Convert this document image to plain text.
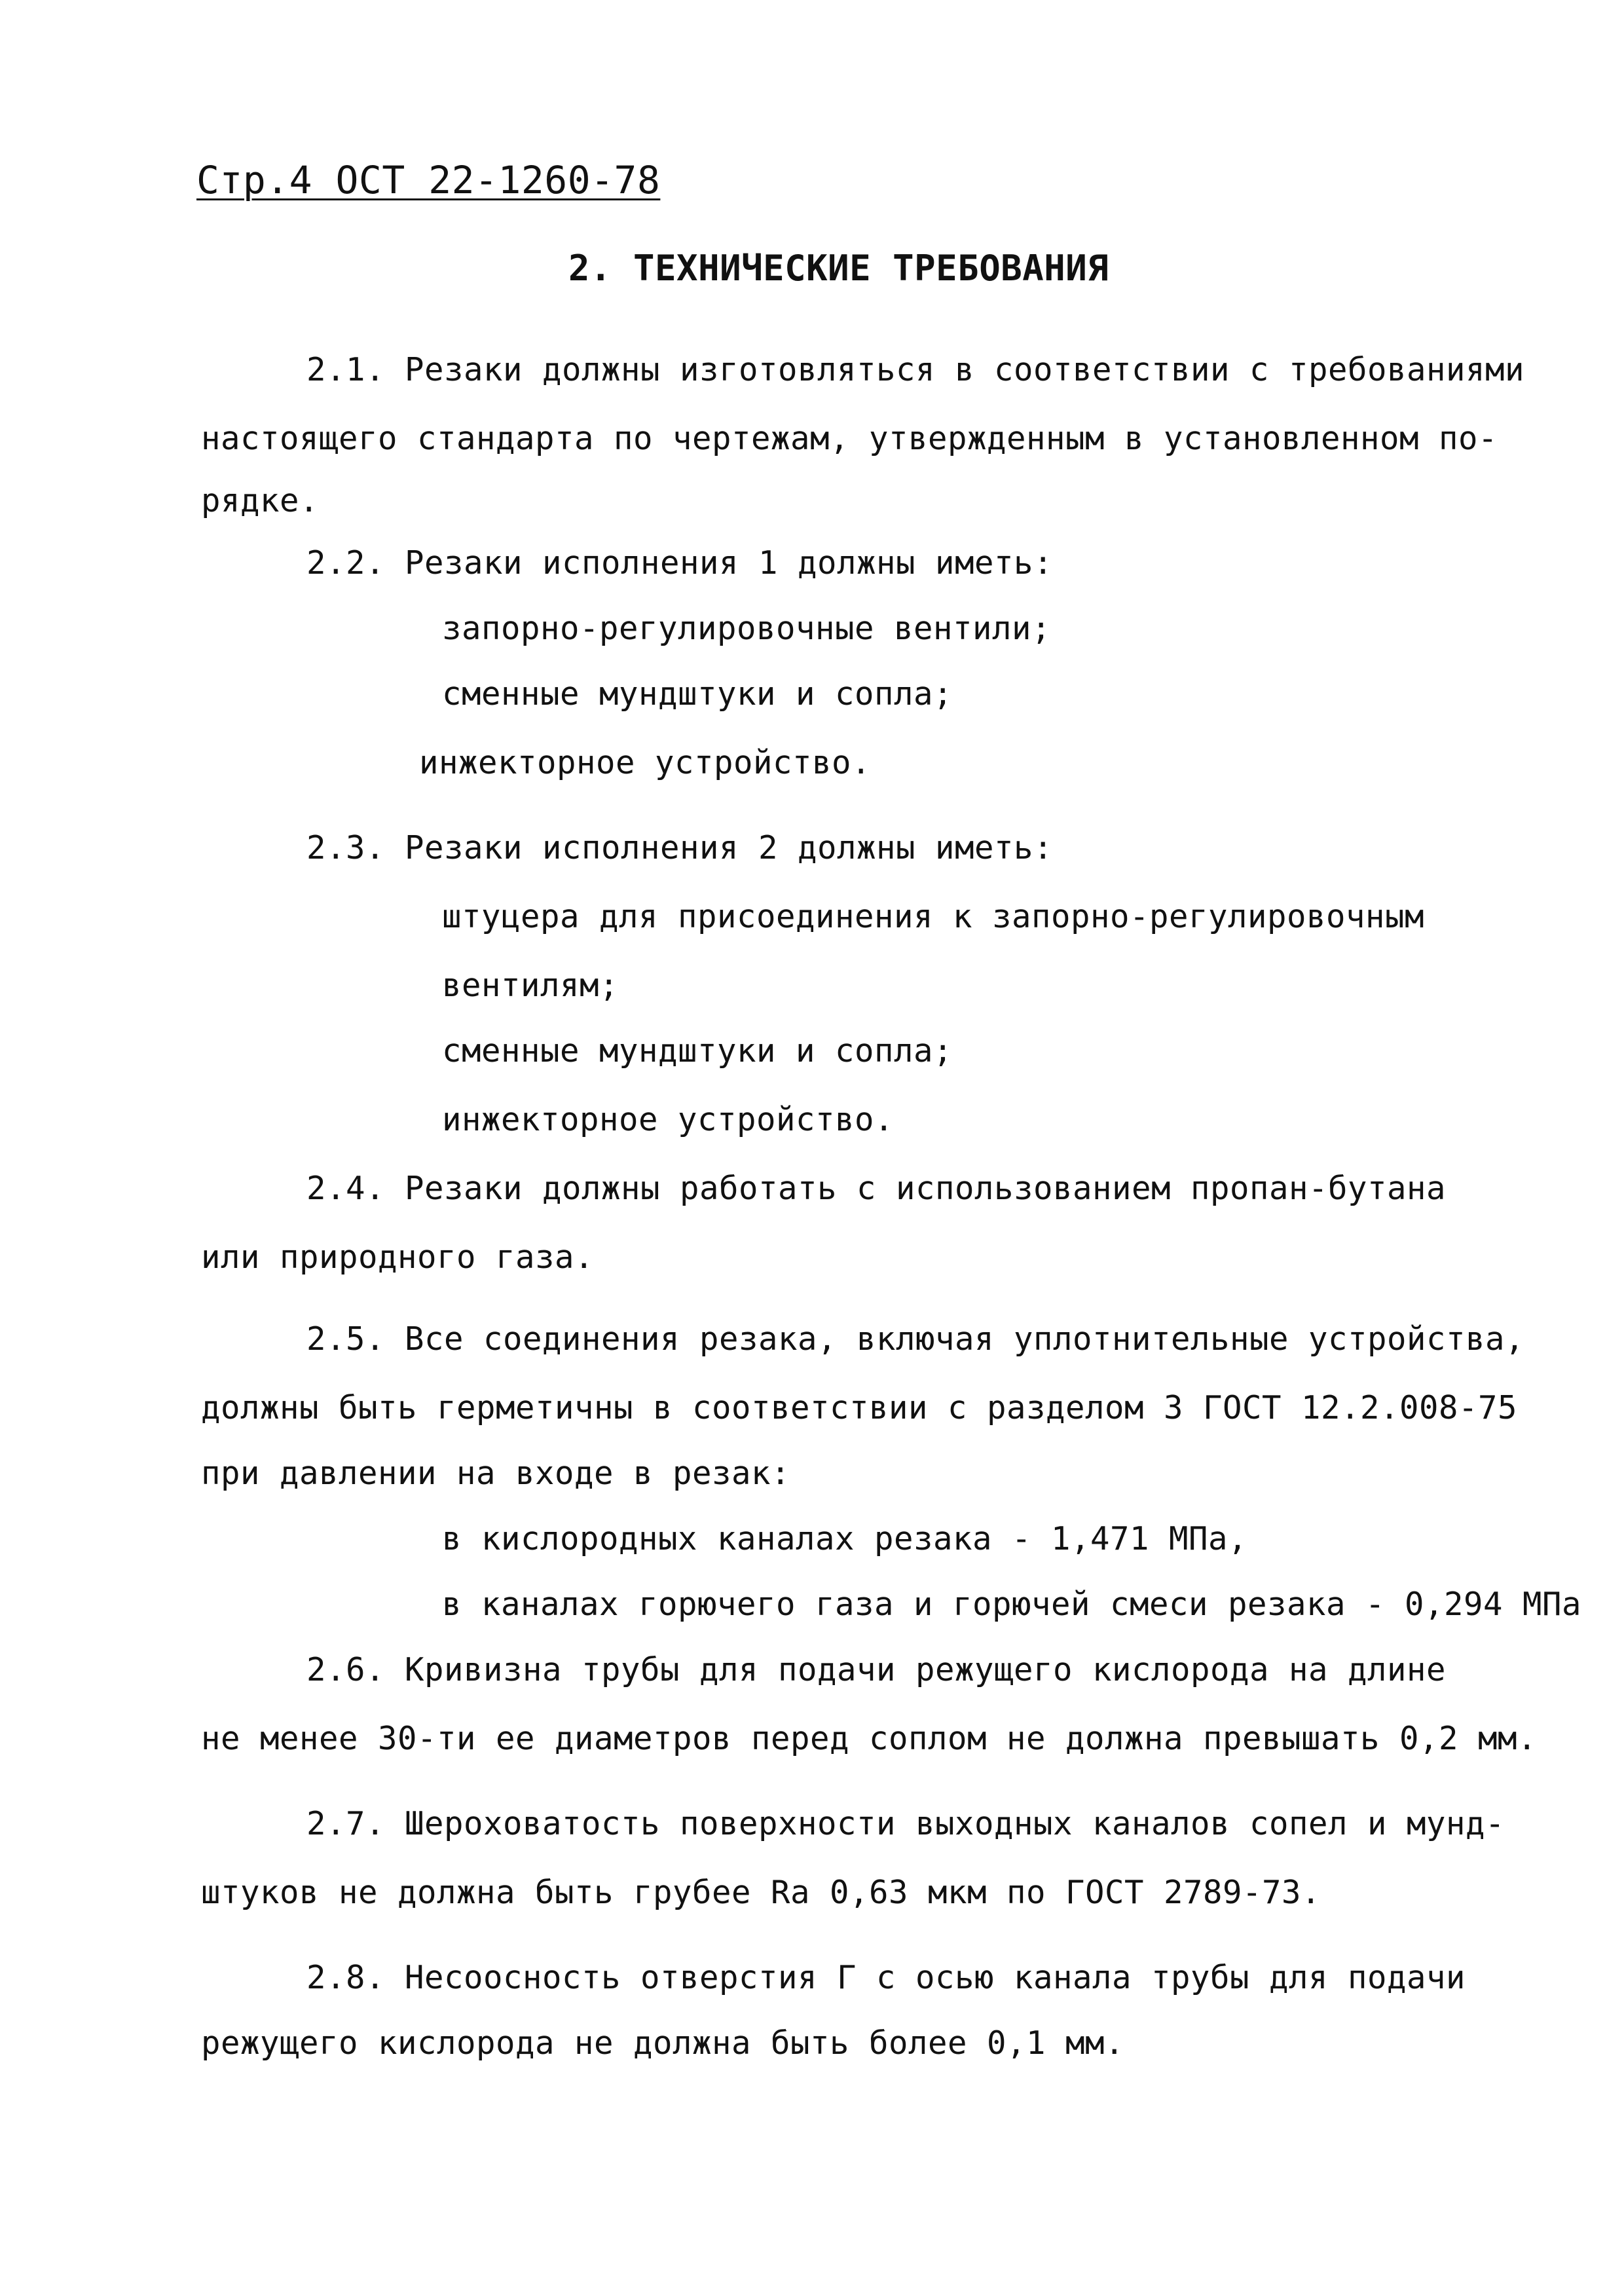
Стр.4 ОСТ 22-1260-78
2. ТЕХНИЧЕСКИЕ ТРЕБОВАНИЯ
2.1. Резаки должны изготовляться в соответствии с требованиями
настоящего стандарта по чертежам, утвержденным в установленном по-
рядке.
2.2. Резаки исполнения 1 должны иметь:
запорно-регулировочные вентили;
сменные мундштуки и сопла;
инжекторное устройство.
2.3. Резаки исполнения 2 должны иметь:
штуцера для присоединения к запорно-регулировочным
вентилям;
сменные мундштуки и сопла;
инжекторное устройство.
2.4. Резаки должны работать с использованием пропан-бутана
или природного газа.
2.5. Все соединения резака, включая уплотнительные устройства,
должны быть герметичны в соответствии с разделом 3 ГОСТ 12.2.008-75
при давлении на входе в резак:
в кислородных каналах резака - 1,471 МПа,
в каналах горючего газа и горючей смеси резака - 0,294 МПа
2.6. Кривизна трубы для подачи режущего кислорода на длине
не менее 30-ти ее диаметров перед соплом не должна превышать 0,2 мм.
2.7. Шероховатость поверхности выходных каналов сопел и мунд-
штуков не должна быть грубее Ra 0,63 мкм по ГОСТ 2789-73.
2.8. Несоосность отверстия Г с осью канала трубы для подачи
режущего кислорода не должна быть более 0,1 мм.
